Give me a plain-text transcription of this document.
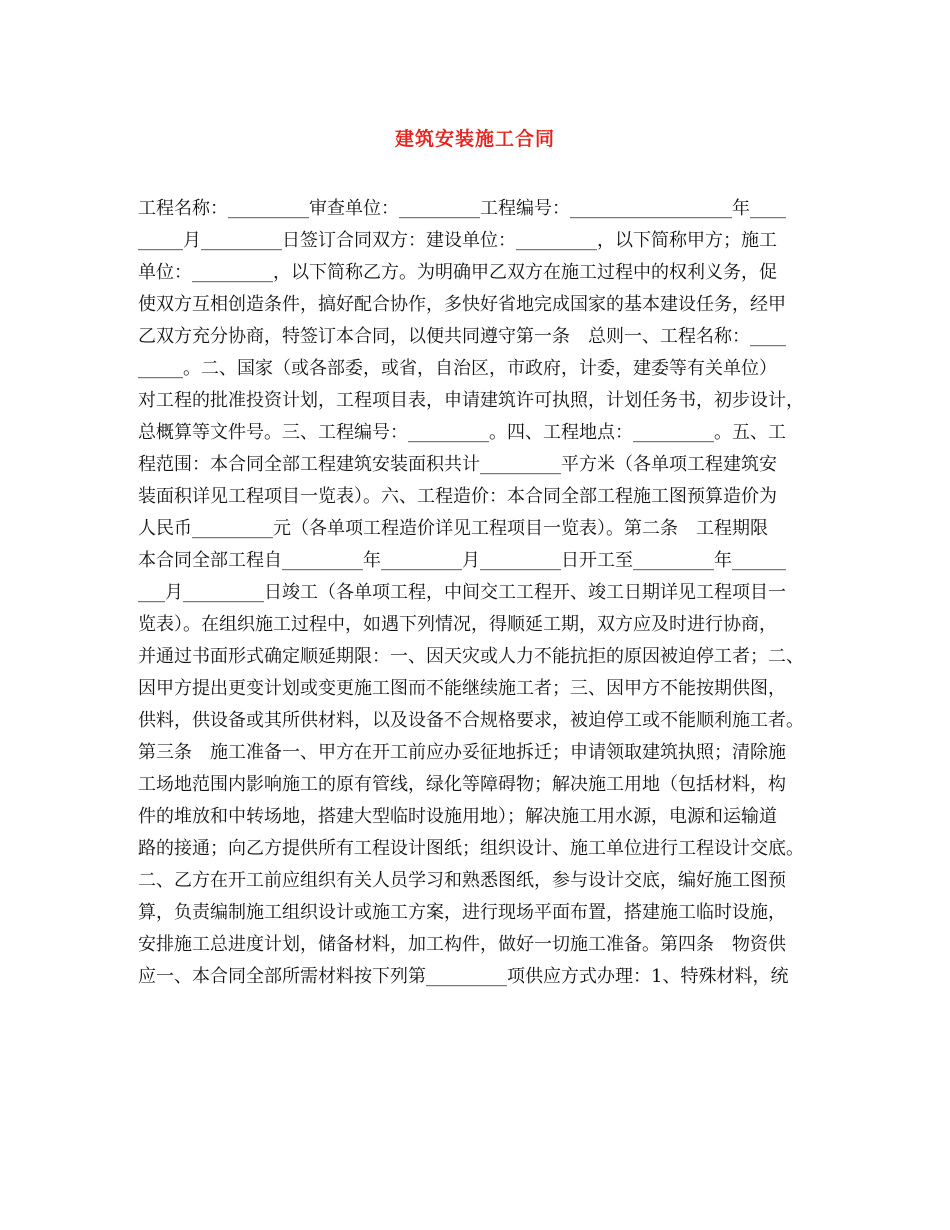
建筑安装施工合同
工程名称：_________审查单位：_________工程编号：__________________年____
_____月_________日签订合同双方：建设单位：_________，以下简称甲方；施工
单位：_________，以下简称乙方。为明确甲乙双方在施工过程中的权利义务，促
使双方互相创造条件，搞好配合协作，多快好省地完成国家的基本建设任务，经甲
乙双方充分协商，特签订本合同，以便共同遵守第一条　总则一、工程名称：____
_____。二、国家（或各部委，或省，自治区，市政府，计委，建委等有关单位）
对工程的批准投资计划，工程项目表，申请建筑许可执照，计划任务书，初步设计，
总概算等文件号。三、工程编号：_________。四、工程地点：_________。五、工
程范围：本合同全部工程建筑安装面积共计_________平方米（各单项工程建筑安
装面积详见工程项目一览表）。六、工程造价：本合同全部工程施工图预算造价为
人民币_________元（各单项工程造价详见工程项目一览表）。第二条　工程期限
本合同全部工程自_________年_________月_________日开工至_________年______
___月_________日竣工（各单项工程，中间交工工程开、竣工日期详见工程项目一
览表）。在组织施工过程中，如遇下列情况，得顺延工期，双方应及时进行协商，
并通过书面形式确定顺延期限：一、因天灾或人力不能抗拒的原因被迫停工者；二、
因甲方提出更变计划或变更施工图而不能继续施工者；三、因甲方不能按期供图，
供料，供设备或其所供材料，以及设备不合规格要求，被迫停工或不能顺利施工者。
第三条　施工准备一、甲方在开工前应办妥征地拆迁；申请领取建筑执照；清除施
工场地范围内影响施工的原有管线，绿化等障碍物；解决施工用地（包括材料，构
件的堆放和中转场地，搭建大型临时设施用地）；解决施工用水源，电源和运输道
路的接通；向乙方提供所有工程设计图纸；组织设计、施工单位进行工程设计交底。
二、乙方在开工前应组织有关人员学习和熟悉图纸，参与设计交底，编好施工图预
算，负责编制施工组织设计或施工方案，进行现场平面布置，搭建施工临时设施，
安排施工总进度计划，储备材料，加工构件，做好一切施工准备。第四条　物资供
应一、本合同全部所需材料按下列第_________项供应方式办理：1、特殊材料，统
